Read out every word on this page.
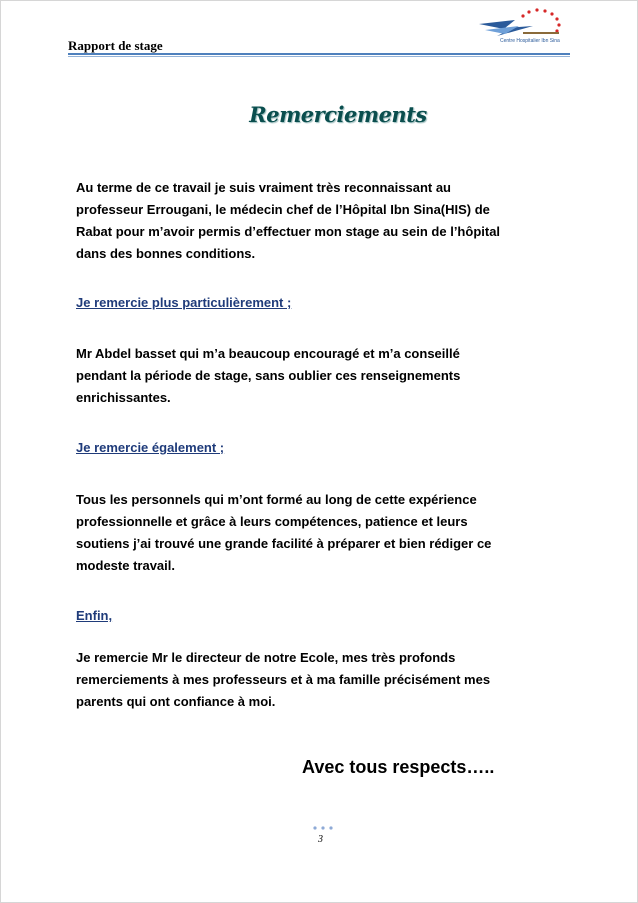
Rapport de stage	Centre Hospitalier Ibn Sina
Remerciements

Au terme de ce travail je suis vraiment très reconnaissant au
professeur Errougani, le médecin chef de l’Hôpital Ibn Sina(HIS) de
Rabat pour m’avoir permis d’effectuer mon stage au sein de l’hôpital
dans des bonnes conditions.

Je remercie plus particulièrement ;

Mr Abdel basset qui m’a beaucoup encouragé et m’a conseillé
pendant la période de stage, sans oublier ces renseignements
enrichissantes.

Je remercie également ;

Tous les personnels qui m’ont formé au long de cette expérience
professionnelle et grâce à leurs compétences, patience et leurs
soutiens j’ai trouvé une grande facilité à préparer et bien rédiger ce
modeste travail.

Enfin,

Je remercie Mr le directeur de notre Ecole, mes très profonds
remerciements à mes professeurs et à ma famille précisément mes
parents qui ont confiance à moi.

Avec tous respects…..
3
